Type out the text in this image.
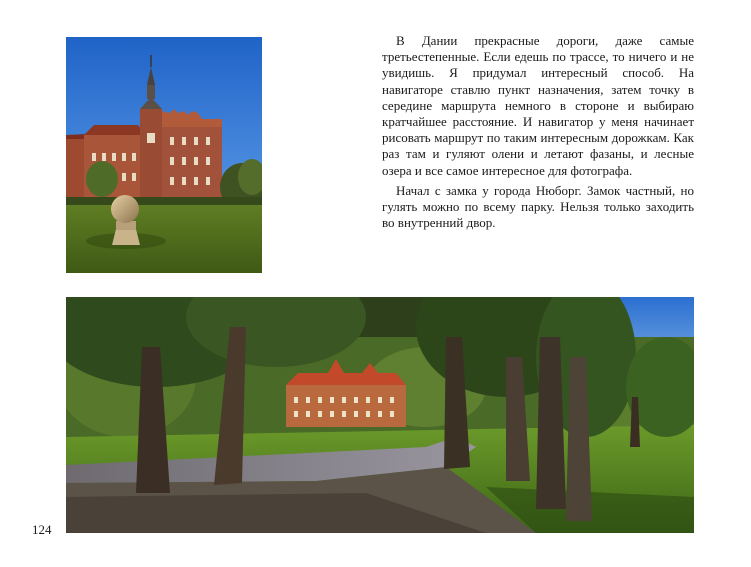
В Дании прекрасные дороги, даже самые третьестепенные. Если едешь по трассе, то ничего и не увидишь. Я придумал интересный способ. На навигаторе ставлю пункт назначения, затем точку в середине маршрута немного в стороне и выбираю кратчайшее расстояние. И навигатор у меня начинает рисовать маршрут по таким интересным дорожкам. Как раз там и гуляют олени и летают фазаны, и лесные озера и все самое интересное для фотографа.

Начал с замка у города Нюборг. Замок частный, но гулять можно по всему парку. Нельзя только заходить во внутренний двор.

124
